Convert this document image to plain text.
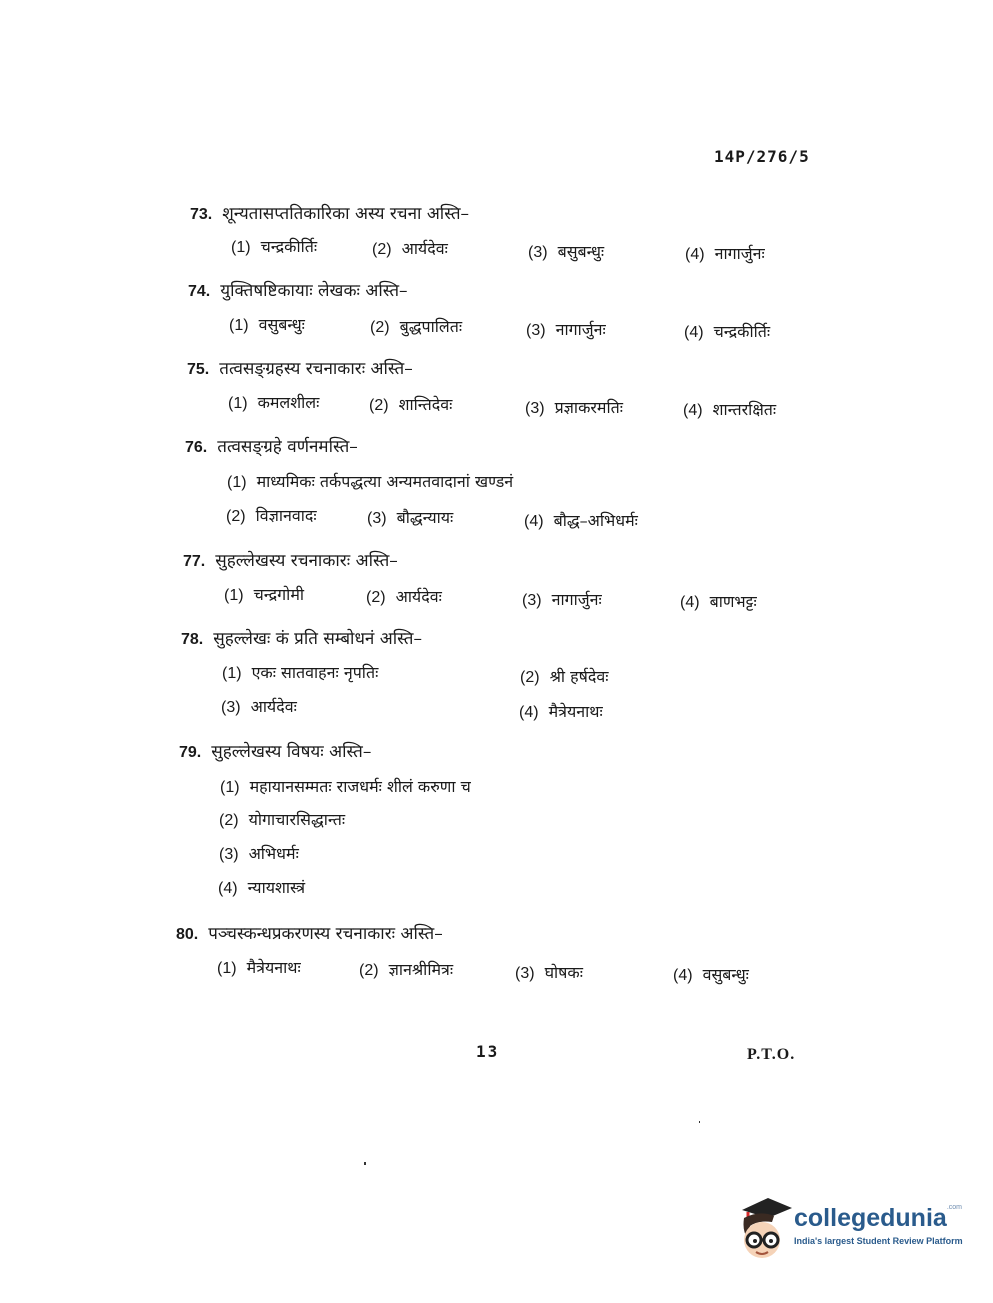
14P/276/5
73. शून्यतासप्ततिकारिका अस्य रचना अस्ति–
(1) चन्द्रकीर्तिः	(2) आर्यदेवः	(3) बसुबन्धुः	(4) नागार्जुनः
74. युक्तिषष्टिकायाः लेखकः अस्ति–
(1) वसुबन्धुः	(2) बुद्धपालितः	(3) नागार्जुनः	(4) चन्द्रकीर्तिः
75. तत्वसङ्ग्रहस्य रचनाकारः अस्ति–
(1) कमलशीलः	(2) शान्तिदेवः	(3) प्रज्ञाकरमतिः	(4) शान्तरक्षितः
76. तत्वसङ्ग्रहे वर्णनमस्ति–
(1) माध्यमिकः तर्कपद्धत्या अन्यमतवादानां खण्डनं
(2) विज्ञानवादः	(3) बौद्धन्यायः	(4) बौद्ध–अभिधर्मः
77. सुहल्लेखस्य रचनाकारः अस्ति–
(1) चन्द्रगोमी	(2) आर्यदेवः	(3) नागार्जुनः	(4) बाणभट्टः
78. सुहल्लेखः कं प्रति सम्बोधनं अस्ति–
(1) एकः सातवाहनः नृपतिः	(2) श्री हर्षदेवः
(3) आर्यदेवः	(4) मैत्रेयनाथः
79. सुहल्लेखस्य विषयः अस्ति–
(1) महायानसम्मतः राजधर्मः शीलं करुणा च
(2) योगाचारसिद्धान्तः
(3) अभिधर्मः
(4) न्यायशास्त्रं
80. पञ्चस्कन्धप्रकरणस्य रचनाकारः अस्ति–
(1) मैत्रेयनाथः	(2) ज्ञानश्रीमित्रः	(3) घोषकः	(4) वसुबन्धुः
13	P.T.O.
collegedunia$^{.com}$
India's largest Student Review Platform
